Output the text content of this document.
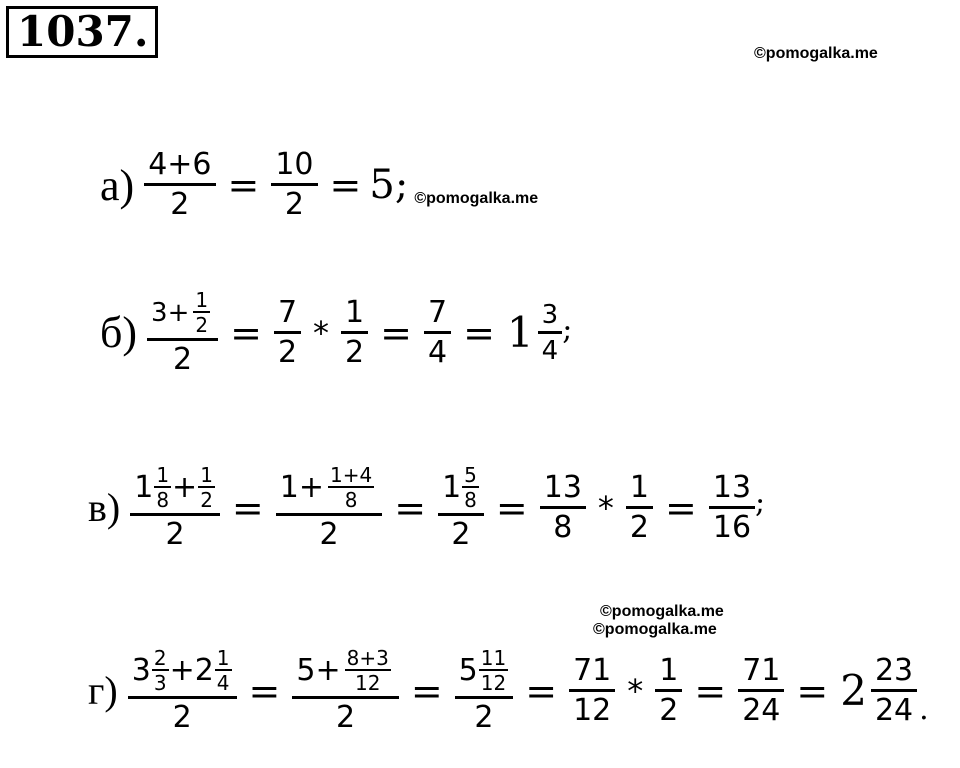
1037.	©pomogalka.me
©pomogalka.me
©pomogalka.me
$а) \frac{4+6}{2} = \frac{10}{2} = 5$ ; ©pomogalka.me
$б) \frac{3+ \frac{1}{2}}{2} = \frac{7}{2} * \frac{1}{2} = \frac{7}{4} = 1 \frac{3}{4}$ ;
$в) \frac{1 \frac{1}{8} + \frac{1}{2}}{2} = \frac{1+ \frac{1+4}{8}}{2} = \frac{1 \frac{5}{8}}{2} = \frac{13}{8} * \frac{1}{2} = \frac{13}{16}$ ;
$г) \frac{3 \frac{2}{3} + 2 \frac{1}{4}}{2} = \frac{5+ \frac{8+3}{12}}{2} = \frac{5 \frac{11}{12}}{2} = \frac{71}{12} * \frac{1}{2} = \frac{71}{24} = 2 \frac{23}{24}$ .
